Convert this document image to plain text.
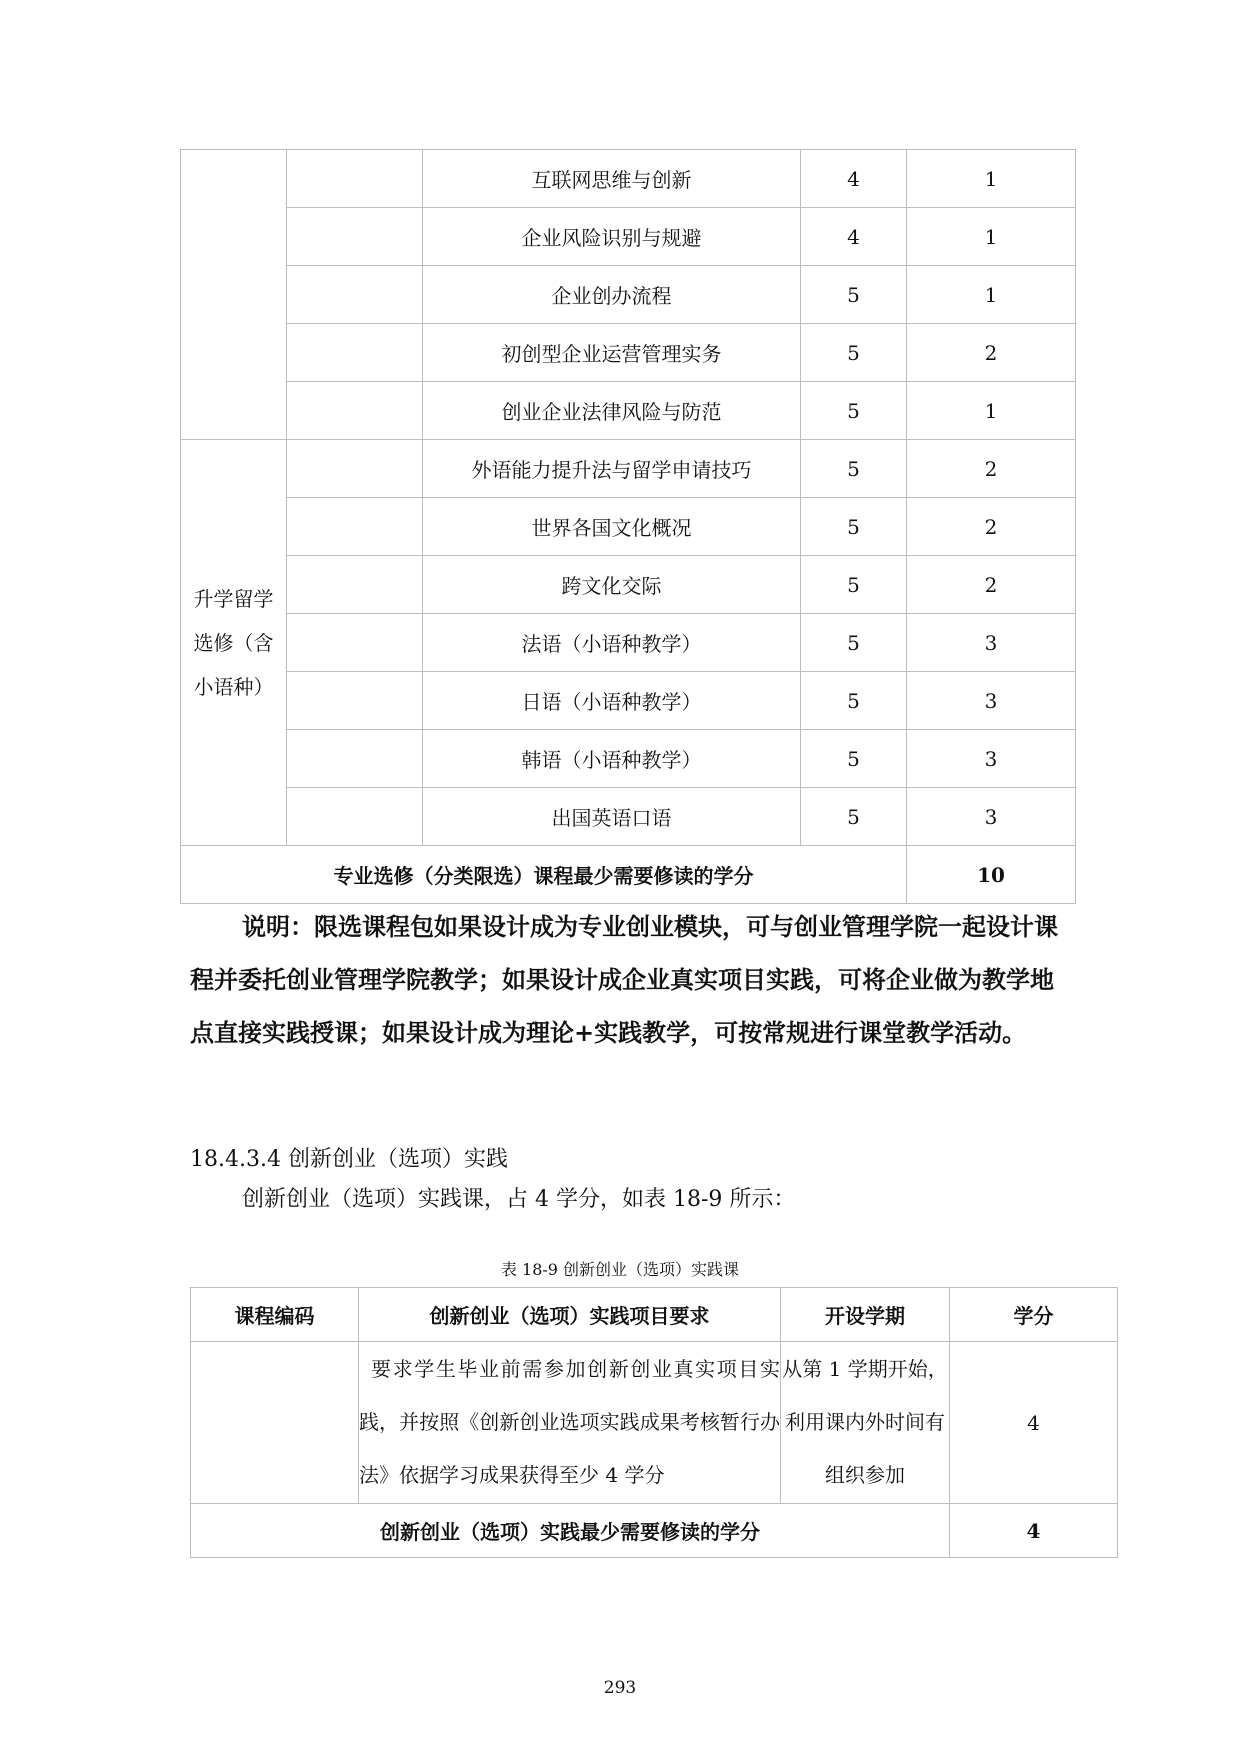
		互联网思维与创新	4	1
		企业风险识别与规避	4	1
		企业创办流程	5	1
		初创型企业运营管理实务	5	2
		创业企业法律风险与防范	5	1
升学留学选修（含小语种）		外语能力提升法与留学申请技巧	5	2
		世界各国文化概况	5	2
		跨文化交际	5	2
		法语（小语种教学）	5	3
		日语（小语种教学）	5	3
		韩语（小语种教学）	5	3
		出国英语口语	5	3
专业选修（分类限选）课程最少需要修读的学分				10
说明：限选课程包如果设计成为专业创业模块，可与创业管理学院一起设计课程并委托创业管理学院教学；如果设计成企业真实项目实践，可将企业做为教学地点直接实践授课；如果设计成为理论+实践教学，可按常规进行课堂教学活动。
18.4.3.4 创新创业（选项）实践
创新创业（选项）实践课，占 4 学分，如表 18-9 所示：
表 18-9 创新创业（选项）实践课
课程编码	创新创业（选项）实践项目要求	开设学期	学分
	要求学生毕业前需参加创新创业真实项目实践，并按照《创新创业选项实践成果考核暂行办法》依据学习成果获得至少 4 学分	从第 1 学期开始，利用课内外时间有组织参加	4
创新创业（选项）实践最少需要修读的学分			4
293
